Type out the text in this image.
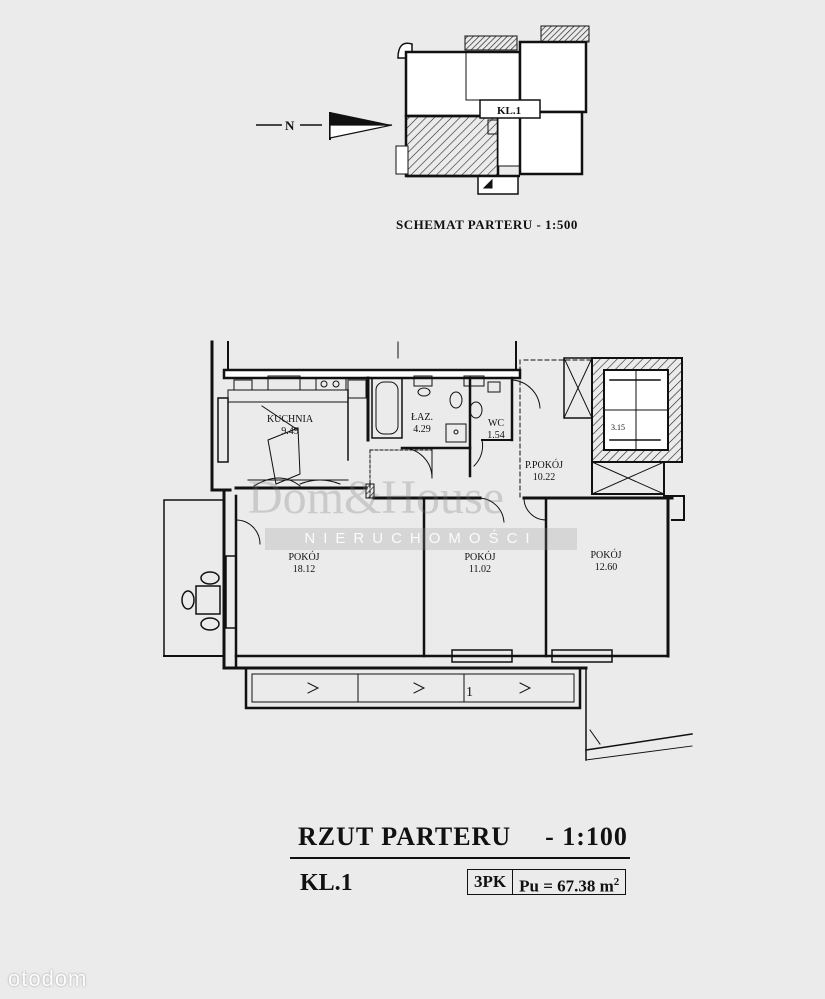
KL.1
N
KUCHNIA
9.49
ŁAZ.
4.29
WC
1.54
P.POKÓJ
10.22
3.15
POKÓJ
18.12
POKÓJ
11.02
POKÓJ
12.60
1
Dom&House
NIERUCHOMOŚCI
SCHEMAT PARTERU - 1:500
RZUT PARTERU - 1:100
KL.1	3PK Pu = 67.38 $m^2$
otodom
